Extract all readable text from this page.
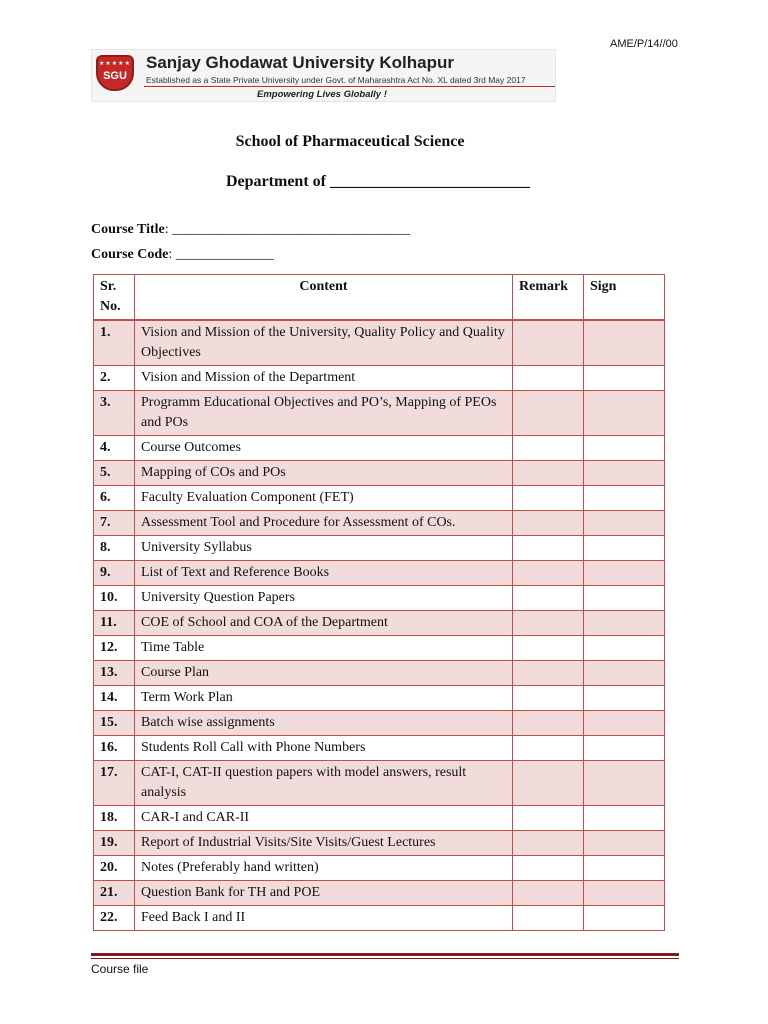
AME/P/14//00
★★★★★
SGU
Sanjay Ghodawat University Kolhapur
Established as a State Private University under Govt. of Maharashtra Act No. XL dated 3rd May 2017
Empowering Lives Globally !
School of Pharmaceutical Science
Department of _________________________
Course Title: __________________________________
Course Code: ______________
Sr. No.	Content	Remark	Sign
1.	Vision and Mission of the University, Quality Policy and Quality Objectives		
2.	Vision and Mission of the Department		
3.	Programm Educational Objectives and PO’s, Mapping of PEOs and POs		
4.	Course Outcomes		
5.	Mapping of COs and POs		
6.	Faculty Evaluation Component (FET)		
7.	Assessment Tool and Procedure for Assessment of COs.		
8.	University Syllabus		
9.	List of Text and Reference Books		
10.	University Question Papers		
11.	COE of School and COA of the Department		
12.	Time Table		
13.	Course Plan		
14.	Term Work Plan		
15.	Batch wise assignments		
16.	Students Roll Call with Phone Numbers		
17.	CAT-I, CAT-II question papers with model answers, result analysis		
18.	CAR-I and CAR-II		
19.	Report of Industrial Visits/Site Visits/Guest Lectures		
20.	Notes (Preferably hand written)		
21.	Question Bank for TH and POE		
22.	Feed Back I and II		
Course file
